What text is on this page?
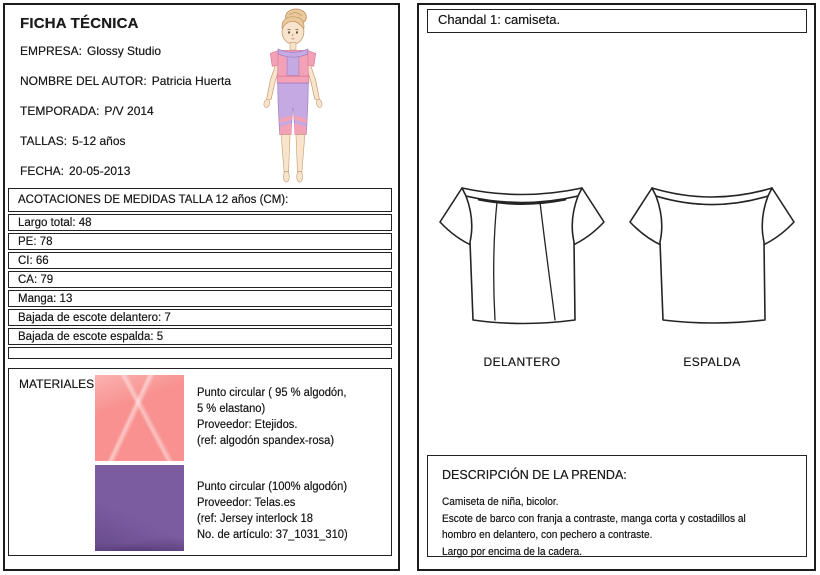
FICHA TÉCNICA
EMPRESA: Glossy Studio
NOMBRE DEL AUTOR: Patricia Huerta
TEMPORADA: P/V 2014
TALLAS: 5-12 años
FECHA: 20-05-2013
ACOTACIONES DE MEDIDAS TALLA 12 años (CM):
Largo total: 48
PE: 78
CI: 66
CA: 79
Manga: 13
Bajada de escote delantero: 7
Bajada de escote espalda: 5
MATERIALES
Punto circular ( 95 % algodón,
5 % elastano)
Proveedor: Etejidos.
(ref: algodón spandex-rosa)
Punto circular (100% algodón)
Proveedor: Telas.es
(ref: Jersey interlock 18
No. de artículo: 37_1031_310)
Chandal 1: camiseta.
DELANTERO	ESPALDA
DESCRIPCIÓN DE LA PRENDA:
Camiseta de niña, bicolor.
Escote de barco con franja a contraste, manga corta y costadillos al
hombro en delantero, con pechero a contraste.
Largo por encima de la cadera.
